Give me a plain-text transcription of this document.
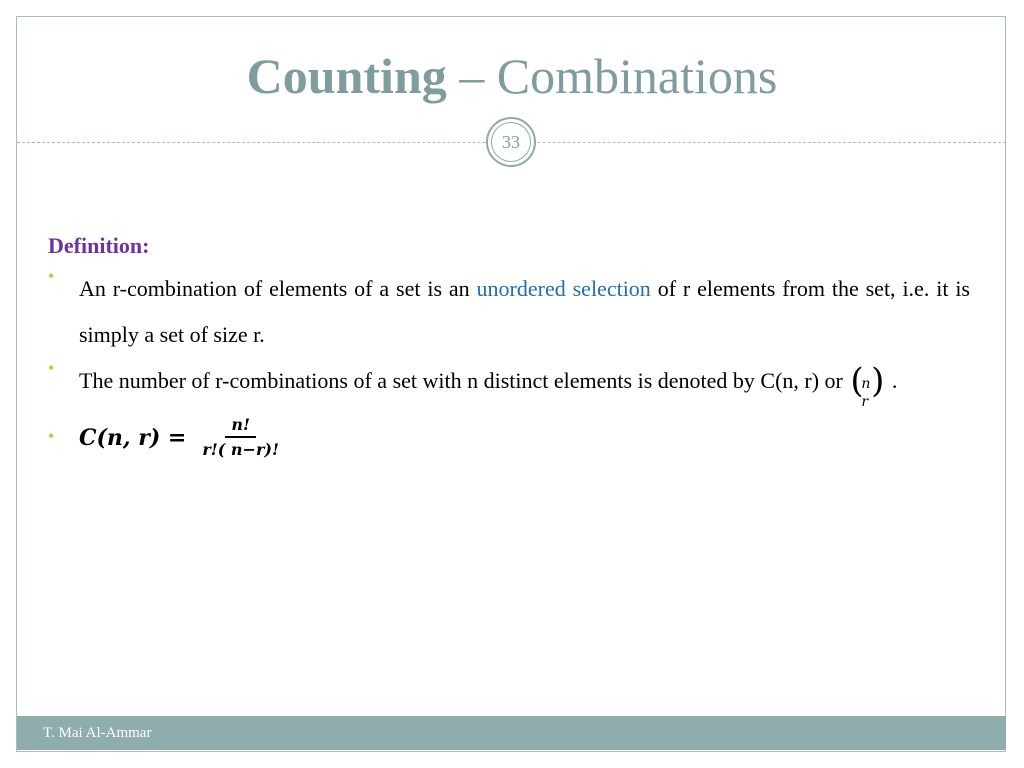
Counting – Combinations
33
Definition:
• An r-combination of elements of a set is an unordered selection of r elements from the set, i.e. it is simply a set of size r.
• The number of r-combinations of a set with n distinct elements is denoted by C(n, r) or (
n
r
) .
• C(n, $r) = \frac{n!}{r!( n-r)!}$
T. Mai Al-Ammar
